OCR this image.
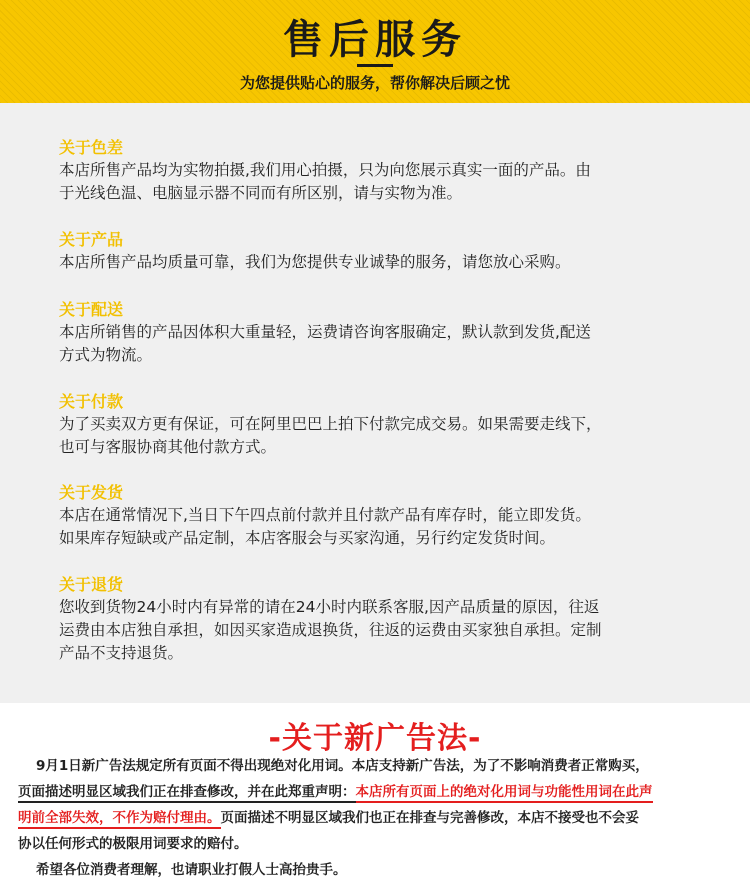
售后服务
为您提供贴心的服务，帮你解决后顾之忧
关于色差
本店所售产品均为实物拍摄,我们用心拍摄，只为向您展示真实一面的产品。由
于光线色温、电脑显示器不同而有所区别，请与实物为准。
关于产品
本店所售产品均质量可靠，我们为您提供专业诚挚的服务，请您放心采购。
关于配送
本店所销售的产品因体积大重量轻，运费请咨询客服确定，默认款到发货,配送
方式为物流。
关于付款
为了买卖双方更有保证，可在阿里巴巴上拍下付款完成交易。如果需要走线下，
也可与客服协商其他付款方式。
关于发货
本店在通常情况下,当日下午四点前付款并且付款产品有库存时，能立即发货。
如果库存短缺或产品定制，本店客服会与买家沟通，另行约定发货时间。
关于退货
您收到货物24小时内有异常的请在24小时内联系客服,因产品质量的原因，往返
运费由本店独自承担，如因买家造成退换货，往返的运费由买家独自承担。定制
产品不支持退货。
-关于新广告法-
9月1日新广告法规定所有页面不得出现绝对化用词。本店支持新广告法，为了不影响消费者正常购买，
页面描述明显区域我们正在排查修改，并在此郑重声明：本店所有页面上的绝对化用词与功能性用词在此声
明前全部失效，不作为赔付理由。页面描述不明显区域我们也正在排查与完善修改，本店不接受也不会妥
协以任何形式的极限用词要求的赔付。
希望各位消费者理解，也请职业打假人士高抬贵手。
